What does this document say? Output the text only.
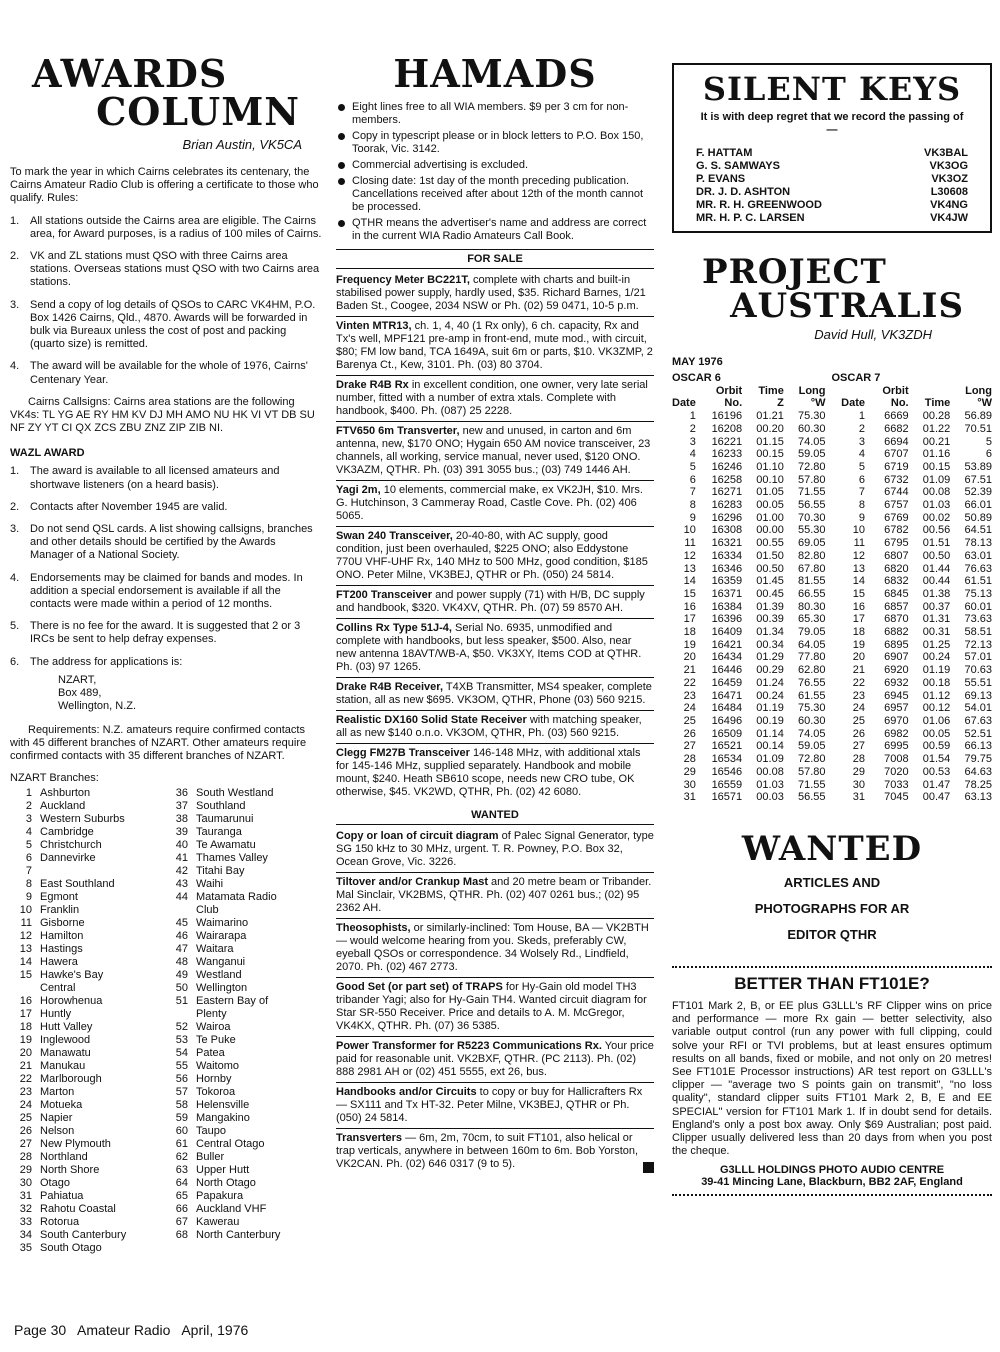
AWARDS
COLUMN

Brian Austin, VK5CA

To mark the year in which Cairns celebrates its centenary, the Cairns Amateur Radio Club is offering a certificate to those who qualify. Rules:

1. All stations outside the Cairns area are eligible. The Cairns area, for Award purposes, is a radius of 100 miles of Cairns.
2. VK and ZL stations must QSO with three Cairns area stations. Overseas stations must QSO with two Cairns area stations.
3. Send a copy of log details of QSOs to CARC VK4HM, P.O. Box 1426 Cairns, Qld., 4870. Awards will be forwarded in bulk via Bureaux unless the cost of post and packing (quarto size) is remitted.
4. The award will be available for the whole of 1976, Cairns' Centenary Year.

Cairns Callsigns: Cairns area stations are the following VK4s: TL YG AE RY HM KV DJ MH AMO NU HK VI VT DB SU NF ZY YT CI QX ZCS ZBU ZNZ ZIP ZIB NI.

WAZL AWARD

1. The award is available to all licensed amateurs and shortwave listeners (on a heard basis).
2. Contacts after November 1945 are valid.
3. Do not send QSL cards. A list showing callsigns, branches and other details should be certified by the Awards Manager of a National Society.
4. Endorsements may be claimed for bands and modes. In addition a special endorsement is available if all the contacts were made within a period of 12 months.
5. There is no fee for the award. It is suggested that 2 or 3 IRCs be sent to help defray expenses.
6. The address for applications is:
NZART,
Box 489,
Wellington, N.Z.

Requirements: N.Z. amateurs require confirmed contacts with 45 different branches of NZART. Other amateurs require confirmed contacts with 35 different branches of NZART.

NZART Branches:

1 Ashburton
2 Auckland
3 Western Suburbs
4 Cambridge
5 Christchurch
6 Dannevirke
7
8 East Southland
9 Egmont
10 Franklin
11 Gisborne
12 Hamilton
13 Hastings
14 Hawera
15 Hawke's Bay
Central
16 Horowhenua
17 Huntly
18 Hutt Valley
19 Inglewood
20 Manawatu
21 Manukau
22 Marlborough
23 Marton
24 Motueka
25 Napier
26 Nelson
27 New Plymouth
28 Northland
29 North Shore
30 Otago
31 Pahiatua
32 Rahotu Coastal
33 Rotorua
34 South Canterbury
35 South Otago
36 South Westland
37 Southland
38 Taumarunui
39 Tauranga
40 Te Awamatu
41 Thames Valley
42 Titahi Bay
43 Waihi
44 Matamata Radio
Club
45 Waimarino
46 Wairarapa
47 Waitara
48 Wanganui
49 Westland
50 Wellington
51 Eastern Bay of
Plenty
52 Wairoa
53 Te Puke
54 Patea
55 Waitomo
56 Hornby
57 Tokoroa
58 Helensville
59 Mangakino
60 Taupo
61 Central Otago
62 Buller
63 Upper Hutt
64 North Otago
65 Papakura
66 Auckland VHF
67 Kawerau
68 North Canterbury
HAMADS
Eight lines free to all WIA members. $9 per 3 cm for non-members.
Copy in typescript please or in block letters to P.O. Box 150, Toorak, Vic. 3142.
Commercial advertising is excluded.
Closing date: 1st day of the month preceding publication. Cancellations received after about 12th of the month cannot be processed.
QTHR means the advertiser's name and address are correct in the current WIA Radio Amateurs Call Book.
FOR SALE
Frequency Meter BC221T, complete with charts and built-in stabilised power supply, hardly used, $35. Richard Barnes, 1/21 Baden St., Coogee, 2034 NSW or Ph. (02) 59 0471, 10-5 p.m.
Vinten MTR13, ch. 1, 4, 40 (1 Rx only), 6 ch. capacity, Rx and Tx's well, MPF121 pre-amp in front-end, mute mod., with circuit, $80; FM low band, TCA 1649A, suit 6m or parts, $10. VK3ZMP, 2 Barenya Ct., Kew, 3101. Ph. (03) 80 3704.
Drake R4B Rx in excellent condition, one owner, very late serial number, fitted with a number of extra xtals. Complete with handbook, $400. Ph. (087) 25 2228.
FTV650 6m Transverter, new and unused, in carton and 6m antenna, new, $170 ONO; Hygain 650 AM novice transceiver, 23 channels, all working, service manual, never used, $120 ONO. VK3AZM, QTHR. Ph. (03) 391 3055 bus.; (03) 749 1446 AH.
Yagi 2m, 10 elements, commercial make, ex VK2JH, $10. Mrs. G. Hutchinson, 3 Cammeray Road, Castle Cove. Ph. (02) 406 5065.
Swan 240 Transceiver, 20-40-80, with AC supply, good condition, just been overhauled, $225 ONO; also Eddystone 770U VHF-UHF Rx, 140 MHz to 500 MHz, good condition, $185 ONO. Peter Milne, VK3BEJ, QTHR or Ph. (050) 24 5814.
FT200 Transceiver and power supply (71) with H/B, DC supply and handbook, $320. VK4XV, QTHR. Ph. (07) 59 8570 AH.
Collins Rx Type 51J-4, Serial No. 6935, unmodified and complete with handbooks, but less speaker, $500. Also, near new antenna 18AVT/WB-A, $50. VK3XY, Items COD at QTHR. Ph. (03) 97 1265.
Drake R4B Receiver, T4XB Transmitter, MS4 speaker, complete station, all as new $695. VK3OM, QTHR, Phone (03) 560 9215.
Realistic DX160 Solid State Receiver with matching speaker, all as new $140 o.n.o. VK3OM, QTHR, Ph. (03) 560 9215.
Clegg FM27B Transceiver 146-148 MHz, with additional xtals for 145-146 MHz, supplied separately. Handbook and mobile mount, $240. Heath SB610 scope, needs new CRO tube, OK otherwise, $45. VK2WD, QTHR, Ph. (02) 42 6080.
WANTED
Copy or loan of circuit diagram of Palec Signal Generator, type SG 150 kHz to 30 MHz, urgent. T. R. Powney, P.O. Box 32, Ocean Grove, Vic. 3226.
Tiltover and/or Crankup Mast and 20 metre beam or Tribander. Mal Sinclair, VK2BMS, QTHR. Ph. (02) 407 0261 bus.; (02) 95 2362 AH.
Theosophists, or similarly-inclined: Tom House, BA — VK2BTH — would welcome hearing from you. Skeds, preferably CW, eyeball QSOs or correspondence. 34 Wolsely Rd., Lindfield, 2070. Ph. (02) 467 2773.
Good Set (or part set) of TRAPS for Hy-Gain old model TH3 tribander Yagi; also for Hy-Gain TH4. Wanted circuit diagram for Star SR-550 Receiver. Price and details to A. M. McGregor, VK4KX, QTHR. Ph. (07) 36 5385.
Power Transformer for R5223 Communications Rx. Your price paid for reasonable unit. VK2BXF, QTHR. (PC 2113). Ph. (02) 888 2981 AH or (02) 451 5555, ext 26, bus.
Handbooks and/or Circuits to copy or buy for Hallicrafters Rx — SX111 and Tx HT-32. Peter Milne, VK3BEJ, QTHR or Ph. (050) 24 5814.
Transverters — 6m, 2m, 70cm, to suit FT101, also helical or trap verticals, anywhere in between 160m to 6m. Bob Yorston, VK2CAN. Ph. (02) 646 0317 (9 to 5).
SILENT KEYS

It is with deep regret that we record the passing of —

F. HATTAM	VK3BAL
G. S. SAMWAYS	VK3OG
P. EVANS	VK3OZ
DR. J. D. ASHTON	L30608
MR. R. H. GREENWOOD	VK4NG
MR. H. P. C. LARSEN	VK4JW
PROJECT
AUSTRALIS

David Hull, VK3ZDH

MAY 1976

OSCAR 6				OSCAR 7			
	Orbit	Time	Long		Orbit		Long
Date	No.	Z	°W	Date	No.	Time	°W
1	16196	01.21	75.30	1	6669	00.28	56.89
2	16208	00.20	60.30	2	6682	01.22	70.51
3	16221	01.15	74.05	3	6694	00.21	5
4	16233	00.15	59.05	4	6707	01.16	6
5	16246	01.10	72.80	5	6719	00.15	53.89
6	16258	00.10	57.80	6	6732	01.09	67.51
7	16271	01.05	71.55	7	6744	00.08	52.39
8	16283	00.05	56.55	8	6757	01.03	66.01
9	16296	01.00	70.30	9	6769	00.02	50.89
10	16308	00.00	55.30	10	6782	00.56	64.51
11	16321	00.55	69.05	11	6795	01.51	78.13
12	16334	01.50	82.80	12	6807	00.50	63.01
13	16346	00.50	67.80	13	6820	01.44	76.63
14	16359	01.45	81.55	14	6832	00.44	61.51
15	16371	00.45	66.55	15	6845	01.38	75.13
16	16384	01.39	80.30	16	6857	00.37	60.01
17	16396	00.39	65.30	17	6870	01.31	73.63
18	16409	01.34	79.05	18	6882	00.31	58.51
19	16421	00.34	64.05	19	6895	01.25	72.13
20	16434	01.29	77.80	20	6907	00.24	57.01
21	16446	00.29	62.80	21	6920	01.19	70.63
22	16459	01.24	76.55	22	6932	00.18	55.51
23	16471	00.24	61.55	23	6945	01.12	69.13
24	16484	01.19	75.30	24	6957	00.12	54.01
25	16496	00.19	60.30	25	6970	01.06	67.63
26	16509	01.14	74.05	26	6982	00.05	52.51
27	16521	00.14	59.05	27	6995	00.59	66.13
28	16534	01.09	72.80	28	7008	01.54	79.75
29	16546	00.08	57.80	29	7020	00.53	64.63
30	16559	01.03	71.55	30	7033	01.47	78.25
31	16571	00.03	56.55	31	7045	00.47	63.13
WANTED

ARTICLES AND

PHOTOGRAPHS FOR AR

EDITOR QTHR

BETTER THAN FT101E?

FT101 Mark 2, B, or EE plus G3LLL's RF Clipper wins on price and performance — more Rx gain — better selectivity, also variable output control (run any power with full clipping, could solve your RFI or TVI problems, but at least ensures optimum results on all bands, fixed or mobile, and not only on 20 metres! See FT101E Processor instructions) AR test report on G3LLL's clipper — "average two S points gain on transmit", "no loss quality", standard clipper suits FT101 Mark 2, B, E and EE SPECIAL" version for FT101 Mark 1. If in doubt send for details. England's only a post box away. Only $69 Australian; post paid. Clipper usually delivered less than 20 days from when you post the cheque.

G3LLL HOLDINGS PHOTO AUDIO CENTRE

39-41 Mincing Lane, Blackburn, BB2 2AF, England

Page 30   Amateur Radio   April, 1976
